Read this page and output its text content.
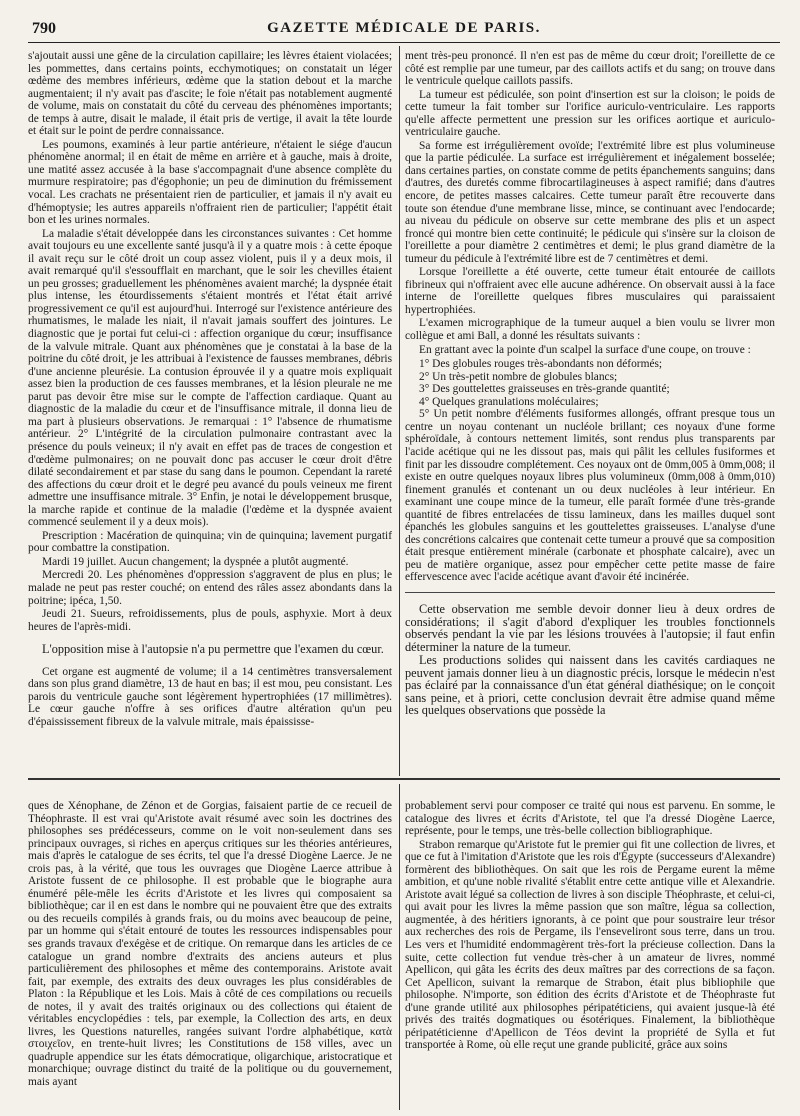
790	GAZETTE MÉDICALE DE PARIS.

s'ajoutait aussi une gêne de la circulation capillaire; les lèvres étaient violacées; les pommettes, dans certains points, ecchymotiques; on constatait un léger œdème des membres inférieurs, œdème que la station debout et la marche augmentaient; il n'y avait pas d'ascite; le foie n'était pas notablement augmenté de volume, mais on constatait du côté du cerveau des phénomènes importants; de temps à autre, disait le malade, il était pris de vertige, il avait la tête lourde et était sur le point de perdre connaissance.

Les poumons, examinés à leur partie antérieure, n'étaient le siége d'aucun phénomène anormal; il en était de même en arrière et à gauche, mais à droite, une matité assez accusée à la base s'accompagnait d'une absence complète du murmure respiratoire; pas d'égophonie; un peu de diminution du frémissement vocal. Les crachats ne présentaient rien de particulier, et jamais il n'y avait eu d'hémoptysie; les autres appareils n'offraient rien de particulier; l'appétit était bon et les urines normales.

La maladie s'était développée dans les circonstances suivantes : Cet homme avait toujours eu une excellente santé jusqu'à il y a quatre mois : à cette époque il avait reçu sur le côté droit un coup assez violent, puis il y a deux mois, il avait remarqué qu'il s'essoufflait en marchant, que le soir les chevilles étaient un peu grosses; graduellement les phénomènes avaient marché; la dyspnée était plus intense, les étourdissements s'étaient montrés et l'état était arrivé progressivement ce qu'il est aujourd'hui. Interrogé sur l'existence antérieure des rhumatismes, le malade les niait, il n'avait jamais souffert des jointures. Le diagnostic que je portai fut celui-ci : affection organique du cœur; insuffisance de la valvule mitrale. Quant aux phénomènes que je constatai à la base de la poitrine du côté droit, je les attribuai à l'existence de fausses membranes, débris d'une ancienne pleurésie. La contusion éprouvée il y a quatre mois expliquait assez bien la production de ces fausses membranes, et la lésion pleurale ne me parut pas devoir être mise sur le compte de l'affection cardiaque. Quant au diagnostic de la maladie du cœur et de l'insuffisance mitrale, il donna lieu de ma part à plusieurs observations. Je remarquai : 1° l'absence de rhumatisme antérieur. 2° L'intégrité de la circulation pulmonaire contrastant avec la présence du pouls veineux; il n'y avait en effet pas de traces de congestion et d'œdème pulmonaires; on ne pouvait donc pas accuser le cœur droit d'être dilaté secondairement et par stase du sang dans le poumon. Cependant la rareté des affections du cœur droit et le degré peu avancé du pouls veineux me firent admettre une insuffisance mitrale. 3° Enfin, je notai le développement brusque, la marche rapide et continue de la maladie (l'œdème et la dyspnée avaient commencé seulement il y a deux mois).

Prescription : Macération de quinquina; vin de quinquina; lavement purgatif pour combattre la constipation.

Mardi 19 juillet. Aucun changement; la dyspnée a plutôt augmenté.

Mercredi 20. Les phénomènes d'oppression s'aggravent de plus en plus; le malade ne peut pas rester couché; on entend des râles assez abondants dans la poitrine; ipéca, 1,50.

Jeudi 21. Sueurs, refroidissements, plus de pouls, asphyxie. Mort à deux heures de l'après-midi.

L'opposition mise à l'autopsie n'a pu permettre que l'examen du cœur.

Cet organe est augmenté de volume; il a 14 centimètres transversalement dans son plus grand diamètre, 13 de haut en bas; il est mou, peu consistant. Les parois du ventricule gauche sont légèrement hypertrophiées (17 millimètres). Le cœur gauche n'offre à ses orifices d'autre altération qu'un peu d'épaississement fibreux de la valvule mitrale, mais épaississe-

ment très-peu prononcé. Il n'en est pas de même du cœur droit; l'oreillette de ce côté est remplie par une tumeur, par des caillots actifs et du sang; on trouve dans le ventricule quelque caillots passifs.

La tumeur est pédiculée, son point d'insertion est sur la cloison; le poids de cette tumeur la fait tomber sur l'orifice auriculo-ventriculaire. Les rapports qu'elle affecte permettent une pression sur les orifices aortique et auriculo-ventriculaire gauche.

Sa forme est irrégulièrement ovoïde; l'extrémité libre est plus volumineuse que la partie pédiculée. La surface est irrégulièrement et inégalement bosselée; dans certaines parties, on constate comme de petits épanchements sanguins; dans d'autres, des duretés comme fibrocartilagineuses à aspect ramifié; dans d'autres encore, de petites masses calcaires. Cette tumeur paraît être recouverte dans toute son étendue d'une membrane lisse, mince, se continuant avec l'endocarde; au niveau du pédicule on observe sur cette membrane des plis et un aspect froncé qui montre bien cette continuité; le pédicule qui s'insère sur la cloison de l'oreillette a pour diamètre 2 centimètres et demi; le plus grand diamètre de la tumeur du pédicule à l'extrémité libre est de 7 centimètres et demi.

Lorsque l'oreillette a été ouverte, cette tumeur était entourée de caillots fibrineux qui n'offraient avec elle aucune adhérence. On observait aussi à la face interne de l'oreillette quelques fibres musculaires qui paraissaient hypertrophiées.

L'examen micrographique de la tumeur auquel a bien voulu se livrer mon collègue et ami Ball, a donné les résultats suivants :

En grattant avec la pointe d'un scalpel la surface d'une coupe, on trouve :

1° Des globules rouges très-abondants non déformés;
2° Un très-petit nombre de globules blancs;
3° Des gouttelettes graisseuses en très-grande quantité;
4° Quelques granulations moléculaires;
5° Un petit nombre d'éléments fusiformes allongés, offrant presque tous un centre un noyau contenant un nucléole brillant; ces noyaux d'une forme sphéroïdale, à contours nettement limités, sont rendus plus transparents par l'acide acétique qui ne les dissout pas, mais qui pâlit les cellules fusiformes et finit par les dissoudre complétement. Ces noyaux ont de 0mm,005 à 0mm,008; il existe en outre quelques noyaux libres plus volumineux (0mm,008 à 0mm,010) finement granulés et contenant un ou deux nucléoles à leur intérieur. En examinant une coupe mince de la tumeur, elle paraît formée d'une très-grande quantité de fibres entrelacées de tissu lamineux, dans les mailles duquel sont épanchés les globules sanguins et les gouttelettes graisseuses. L'analyse d'une des concrétions calcaires que contenait cette tumeur a prouvé que sa composition était presque entièrement minérale (carbonate et phosphate calcaire), avec un peu de matière organique, assez pour empêcher cette petite masse de faire effervescence avec l'acide acétique avant d'avoir été incinérée.

Cette observation me semble devoir donner lieu à deux ordres de considérations; il s'agit d'abord d'expliquer les troubles fonctionnels observés pendant la vie par les lésions trouvées à l'autopsie; il faut enfin déterminer la nature de la tumeur.

Les productions solides qui naissent dans les cavités cardiaques ne peuvent jamais donner lieu à un diagnostic précis, lorsque le médecin n'est pas éclairé par la connaissance d'un état général diathésique; on le conçoit sans peine, et à priori, cette conclusion devrait être admise quand même les quelques observations que possède la

ques de Xénophane, de Zénon et de Gorgias, faisaient partie de ce recueil de Théophraste. Il est vrai qu'Aristote avait résumé avec soin les doctrines des philosophes ses prédécesseurs, comme on le voit non-seulement dans ses principaux ouvrages, si riches en aperçus critiques sur les théories antérieures, mais d'après le catalogue de ses écrits, tel que l'a dressé Diogène Laerce. Je ne crois pas, à la vérité, que tous les ouvrages que Diogène Laerce attribue à Aristote fussent de ce philosophe. Il est probable que le biographe aura énuméré pêle-mêle les écrits d'Aristote et les livres qui composaient sa bibliothèque; car il en est dans le nombre qui ne pouvaient être que des extraits ou des recueils compilés à grands frais, ou du moins avec beaucoup de peine, par un homme qui s'était entouré de toutes les ressources indispensables pour ses grands travaux d'exégèse et de critique. On remarque dans les articles de ce catalogue un grand nombre d'extraits des anciens auteurs et plus particulièrement des philosophes et même des contemporains. Aristote avait fait, par exemple, des extraits des deux ouvrages les plus considérables de Platon : la République et les Lois. Mais à côté de ces compilations ou recueils de notes, il y avait des traités originaux ou des collections qui étaient de véritables encyclopédies : tels, par exemple, la Collection des arts, en deux livres, les Questions naturelles, rangées suivant l'ordre alphabétique, κατὰ στοιχεῖον, en trente-huit livres; les Constitutions de 158 villes, avec un quadruple appendice sur les états démocratique, oligarchique, aristocratique et monarchique; ouvrage distinct du traité de la politique ou du gouvernement, mais ayant

probablement servi pour composer ce traité qui nous est parvenu. En somme, le catalogue des livres et écrits d'Aristote, tel que l'a dressé Diogène Laerce, représente, pour le temps, une très-belle collection bibliographique.

Strabon remarque qu'Aristote fut le premier qui fit une collection de livres, et que ce fut à l'imitation d'Aristote que les rois d'Égypte (successeurs d'Alexandre) formèrent des bibliothèques. On sait que les rois de Pergame eurent la même ambition, et qu'une noble rivalité s'établit entre cette antique ville et Alexandrie. Aristote avait légué sa collection de livres à son disciple Théophraste, et celui-ci, qui avait pour les livres la même passion que son maître, légua sa collection, augmentée, à des héritiers ignorants, à ce point que pour soustraire leur trésor aux recherches des rois de Pergame, ils l'enseveliront sous terre, dans un trou. Les vers et l'humidité endommagèrent très-fort la précieuse collection. Dans la suite, cette collection fut vendue très-cher à un amateur de livres, nommé Apellicon, qui gâta les écrits des deux maîtres par des corrections de sa façon. Cet Apellicon, suivant la remarque de Strabon, était plus bibliophile que philosophe. N'importe, son édition des écrits d'Aristote et de Théophraste fut d'une grande utilité aux philosophes péripatéticiens, qui avaient jusque-là été privés des traités dogmatiques ou ésotériques. Finalement, la bibliothèque péripatéticienne d'Apellicon de Téos devint la propriété de Sylla et fut transportée à Rome, où elle reçut une grande publicité, grâce aux soins
